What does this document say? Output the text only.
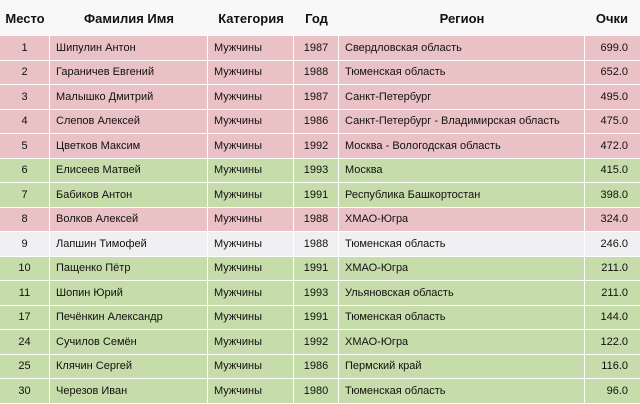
Место	Фамилия Имя	Категория	Год	Регион	Очки
1	Шипулин Антон	Мужчины	1987	Свердловская область	699.0
2	Гараничев Евгений	Мужчины	1988	Тюменская область	652.0
3	Малышко Дмитрий	Мужчины	1987	Санкт-Петербург	495.0
4	Слепов Алексей	Мужчины	1986	Санкт-Петербург - Владимирская область	475.0
5	Цветков Максим	Мужчины	1992	Москва - Вологодская область	472.0
6	Елисеев Матвей	Мужчины	1993	Москва	415.0
7	Бабиков Антон	Мужчины	1991	Республика Башкортостан	398.0
8	Волков Алексей	Мужчины	1988	ХМАО-Югра	324.0
9	Лапшин Тимофей	Мужчины	1988	Тюменская область	246.0
10	Пащенко Пётр	Мужчины	1991	ХМАО-Югра	211.0
11	Шопин Юрий	Мужчины	1993	Ульяновская область	211.0
17	Печёнкин Александр	Мужчины	1991	Тюменская область	144.0
24	Сучилов Семён	Мужчины	1992	ХМАО-Югра	122.0
25	Клячин Сергей	Мужчины	1986	Пермский край	116.0
30	Черезов Иван	Мужчины	1980	Тюменская область	96.0
